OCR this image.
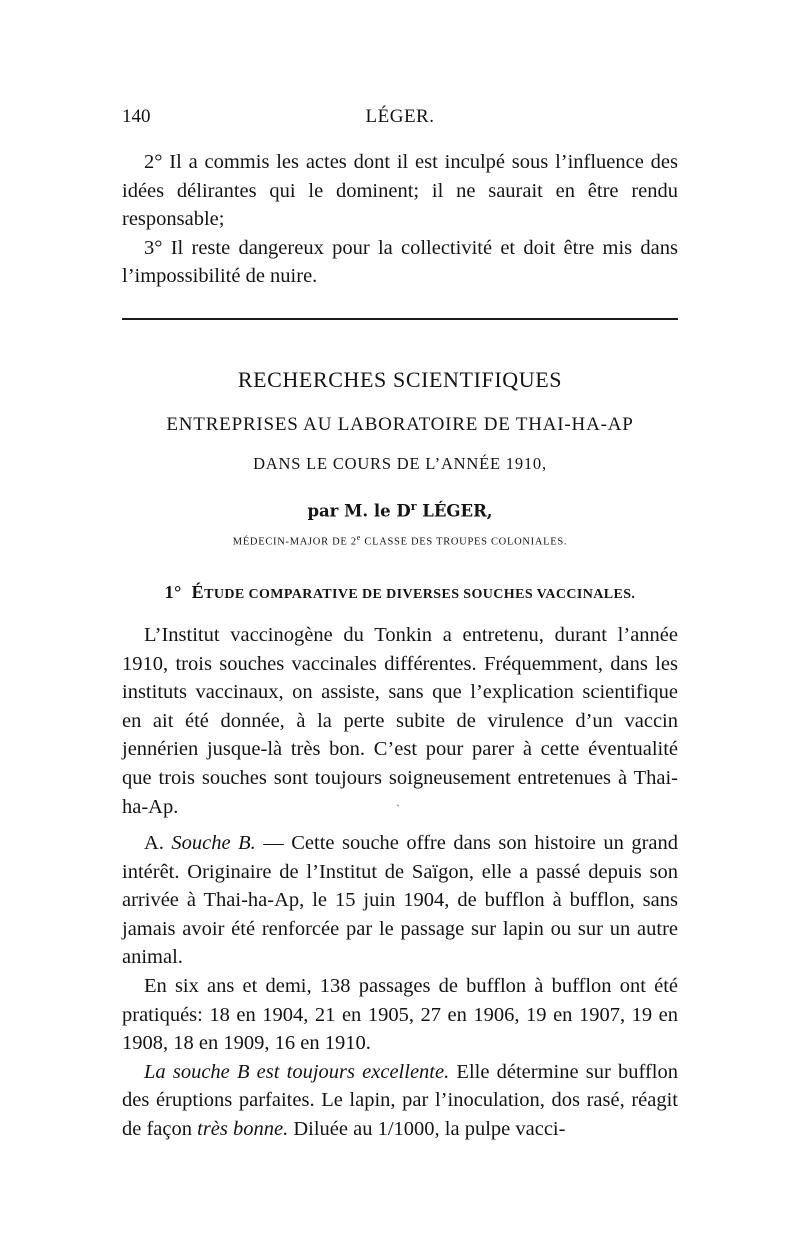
140	LÉGER.

2° Il a commis les actes dont il est inculpé sous l’influence des idées délirantes qui le dominent; il ne saurait en être rendu responsable;

3° Il reste dangereux pour la collectivité et doit être mis dans l’impossibilité de nuire.

RECHERCHES SCIENTIFIQUES

ENTREPRISES AU LABORATOIRE DE THAI-HA-AP

DANS LE COURS DE L’ANNÉE 1910,

par M. le $D^r$ LÉGER,

MÉDECIN-MAJOR DE 2e CLASSE DES TROUPES COLONIALES.

1° ÉTUDE COMPARATIVE DE DIVERSES SOUCHES VACCINALES.

L’Institut vaccinogène du Tonkin a entretenu, durant l’année 1910, trois souches vaccinales différentes. Fréquemment, dans les instituts vaccinaux, on assiste, sans que l’explication scientifique en ait été donnée, à la perte subite de virulence d’un vaccin jennérien jusque-là très bon. C’est pour parer à cette éventualité que trois souches sont toujours soigneusement entretenues à Thai-ha-Ap.	ˎ

A. Souche B. — Cette souche offre dans son histoire un grand intérêt. Originaire de l’Institut de Saïgon, elle a passé depuis son arrivée à Thai-ha-Ap, le 15 juin 1904, de bufflon à bufflon, sans jamais avoir été renforcée par le passage sur lapin ou sur un autre animal.

En six ans et demi, 138 passages de bufflon à bufflon ont été pratiqués: 18 en 1904, 21 en 1905, 27 en 1906, 19 en 1907, 19 en 1908, 18 en 1909, 16 en 1910.

La souche B est toujours excellente. Elle détermine sur bufflon des éruptions parfaites. Le lapin, par l’inoculation, dos rasé, réagit de façon très bonne. Diluée au 1/1000, la pulpe vacci-
